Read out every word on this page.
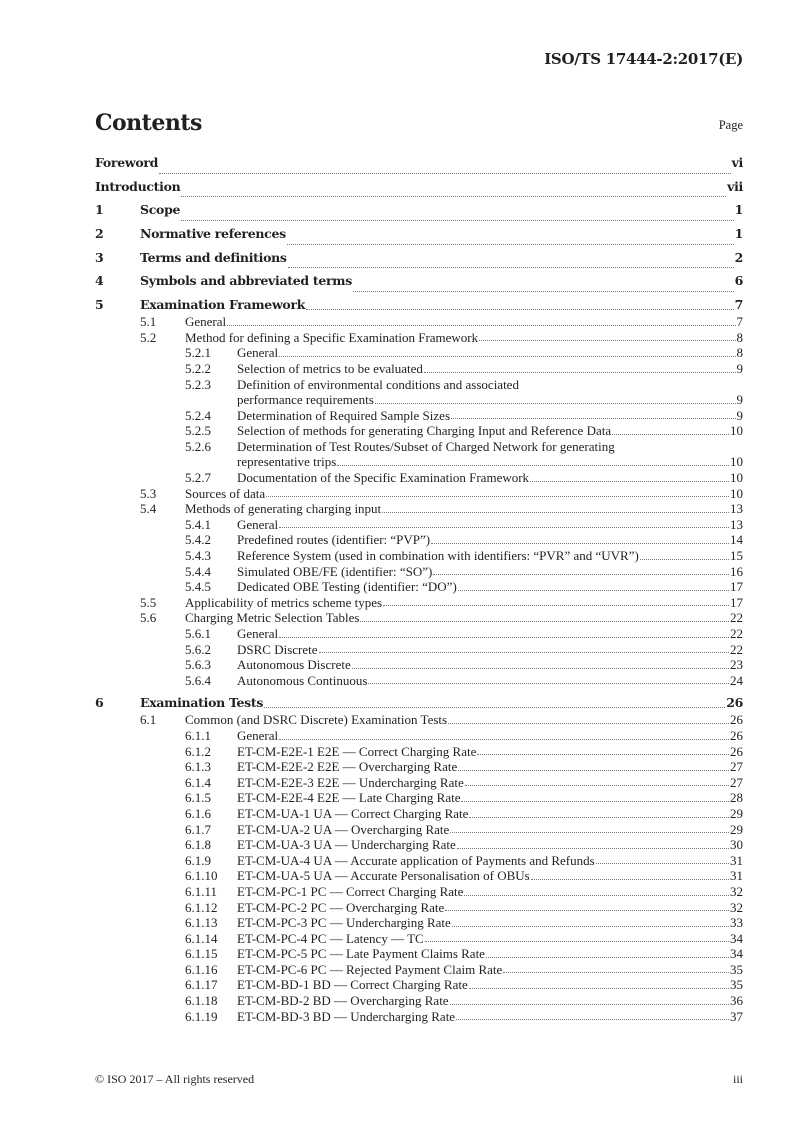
ISO/TS 17444-2:2017(E)
Contents	Page
Foreword	vi
Introduction	vii
1	Scope	1
2	Normative references	1
3	Terms and definitions	2
4	Symbols and abbreviated terms	6
5	Examination Framework	7
5.1	General	7
5.2	Method for defining a Specific Examination Framework	8
5.2.1	General	8
5.2.2	Selection of metrics to be evaluated	9
5.2.3	Definition of environmental conditions and associated
performance requirements	9
5.2.4	Determination of Required Sample Sizes	9
5.2.5	Selection of methods for generating Charging Input and Reference Data	10
5.2.6	Determination of Test Routes/Subset of Charged Network for generating
representative trips	10
5.2.7	Documentation of the Specific Examination Framework	10
5.3	Sources of data	10
5.4	Methods of generating charging input	13
5.4.1	General	13
5.4.2	Predefined routes (identifier: “PVP”)	14
5.4.3	Reference System (used in combination with identifiers: “PVR” and “UVR”)	15
5.4.4	Simulated OBE/FE (identifier: “SO”)	16
5.4.5	Dedicated OBE Testing (identifier: “DO”)	17
5.5	Applicability of metrics scheme types	17
5.6	Charging Metric Selection Tables	22
5.6.1	General	22
5.6.2	DSRC Discrete	22
5.6.3	Autonomous Discrete	23
5.6.4	Autonomous Continuous	24
6	Examination Tests	26
6.1	Common (and DSRC Discrete) Examination Tests	26
6.1.1	General	26
6.1.2	ET-CM-E2E-1 E2E — Correct Charging Rate	26
6.1.3	ET-CM-E2E-2 E2E — Overcharging Rate	27
6.1.4	ET-CM-E2E-3 E2E — Undercharging Rate	27
6.1.5	ET-CM-E2E-4 E2E — Late Charging Rate	28
6.1.6	ET-CM-UA-1 UA — Correct Charging Rate	29
6.1.7	ET-CM-UA-2 UA — Overcharging Rate	29
6.1.8	ET-CM-UA-3 UA — Undercharging Rate	30
6.1.9	ET-CM-UA-4 UA — Accurate application of Payments and Refunds	31
6.1.10	ET-CM-UA-5 UA — Accurate Personalisation of OBUs	31
6.1.11	ET-CM-PC-1 PC — Correct Charging Rate	32
6.1.12	ET-CM-PC-2 PC — Overcharging Rate	32
6.1.13	ET-CM-PC-3 PC — Undercharging Rate	33
6.1.14	ET-CM-PC-4 PC — Latency — TC	34
6.1.15	ET-CM-PC-5 PC — Late Payment Claims Rate	34
6.1.16	ET-CM-PC-6 PC — Rejected Payment Claim Rate	35
6.1.17	ET-CM-BD-1 BD — Correct Charging Rate	35
6.1.18	ET-CM-BD-2 BD — Overcharging Rate	36
6.1.19	ET-CM-BD-3 BD — Undercharging Rate	37
© ISO 2017 – All rights reserved	iii
